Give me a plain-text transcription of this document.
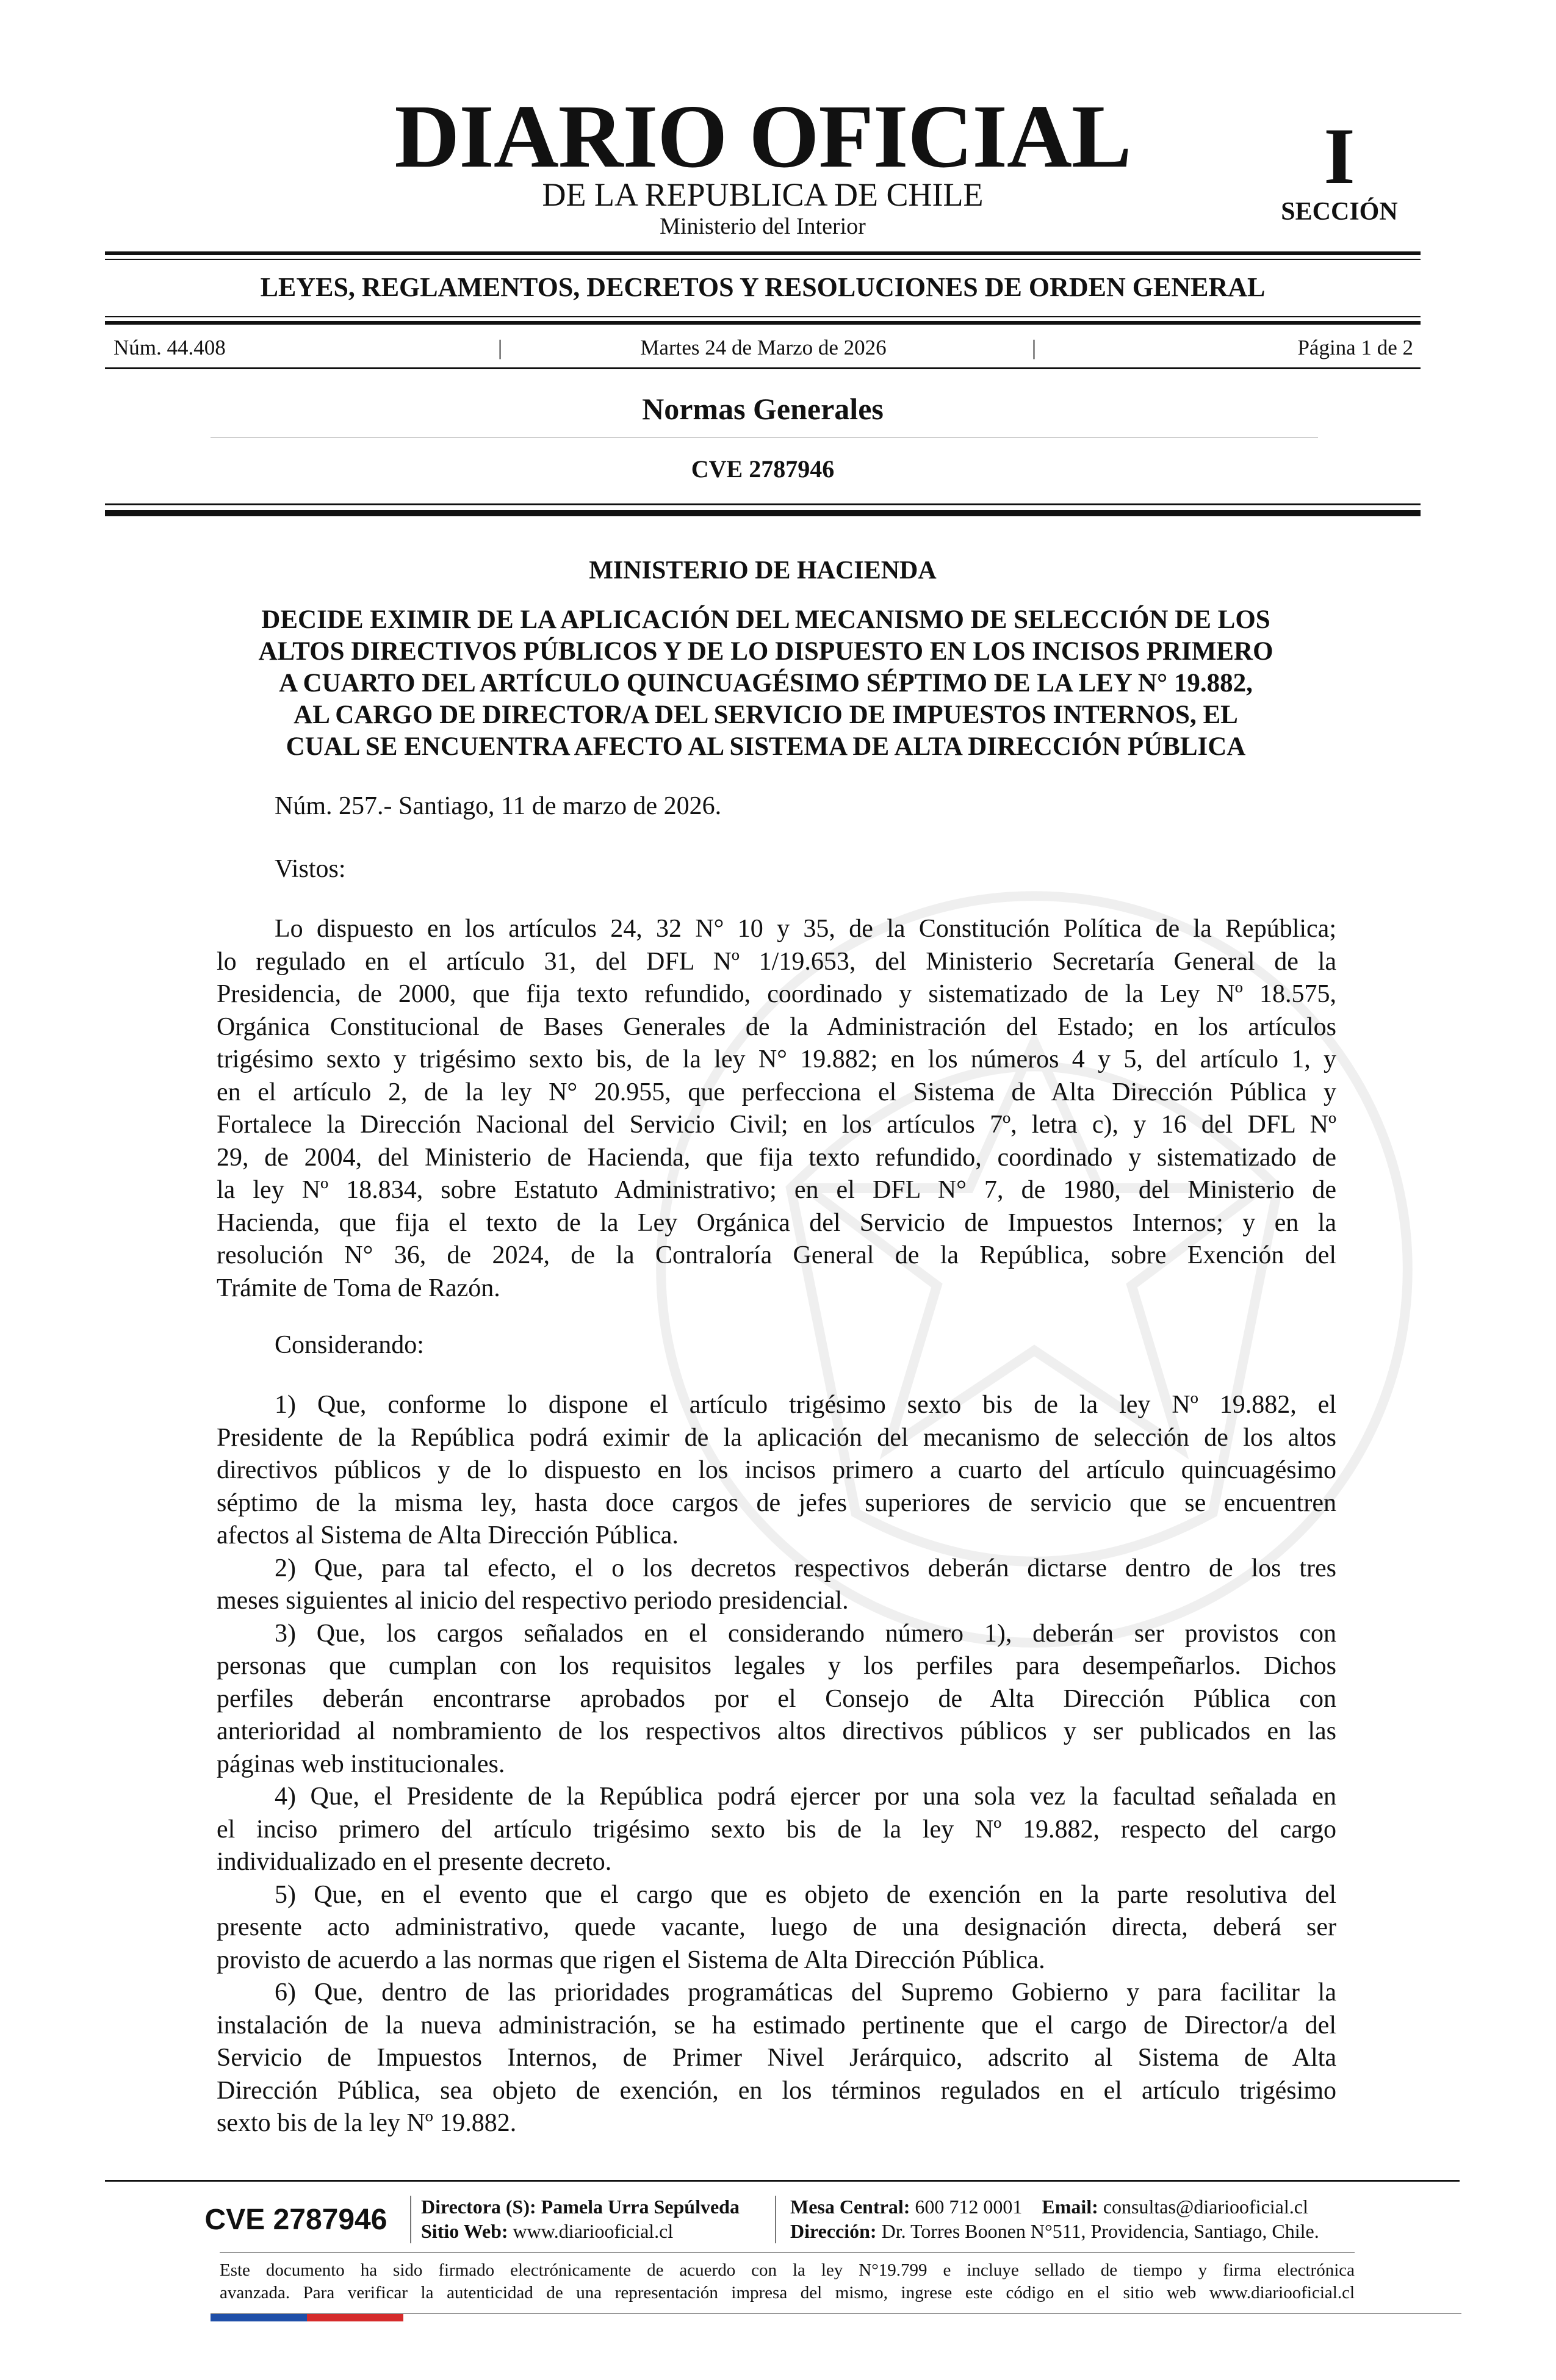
DIARIO OFICIAL
DE LA REPUBLICA DE CHILE
Ministerio del Interior
I
SECCIÓN
LEYES, REGLAMENTOS, DECRETOS Y RESOLUCIONES DE ORDEN GENERAL
Núm. 44.408	|	Martes 24 de Marzo de 2026	|	Página 1 de 2
Normas Generales
CVE 2787946
MINISTERIO DE HACIENDA
DECIDE EXIMIR DE LA APLICACIÓN DEL MECANISMO DE SELECCIÓN DE LOS
ALTOS DIRECTIVOS PÚBLICOS Y DE LO DISPUESTO EN LOS INCISOS PRIMERO
A CUARTO DEL ARTÍCULO QUINCUAGÉSIMO SÉPTIMO DE LA LEY N° 19.882,
AL CARGO DE DIRECTOR/A DEL SERVICIO DE IMPUESTOS INTERNOS, EL
CUAL SE ENCUENTRA AFECTO AL SISTEMA DE ALTA DIRECCIÓN PÚBLICA
Núm. 257.- Santiago, 11 de marzo de 2026.
Vistos:
Lo dispuesto en los artículos 24, 32 N° 10 y 35, de la Constitución Política de la República;
lo regulado en el artículo 31, del DFL Nº 1/19.653, del Ministerio Secretaría General de la
Presidencia, de 2000, que fija texto refundido, coordinado y sistematizado de la Ley Nº 18.575,
Orgánica Constitucional de Bases Generales de la Administración del Estado; en los artículos
trigésimo sexto y trigésimo sexto bis, de la ley N° 19.882; en los números 4 y 5, del artículo 1, y
en el artículo 2, de la ley N° 20.955, que perfecciona el Sistema de Alta Dirección Pública y
Fortalece la Dirección Nacional del Servicio Civil; en los artículos 7º, letra c), y 16 del DFL Nº
29, de 2004, del Ministerio de Hacienda, que fija texto refundido, coordinado y sistematizado de
la ley Nº 18.834, sobre Estatuto Administrativo; en el DFL N° 7, de 1980, del Ministerio de
Hacienda, que fija el texto de la Ley Orgánica del Servicio de Impuestos Internos; y en la
resolución N° 36, de 2024, de la Contraloría General de la República, sobre Exención del
Trámite de Toma de Razón.
Considerando:
1) Que, conforme lo dispone el artículo trigésimo sexto bis de la ley Nº 19.882, el
Presidente de la República podrá eximir de la aplicación del mecanismo de selección de los altos
directivos públicos y de lo dispuesto en los incisos primero a cuarto del artículo quincuagésimo
séptimo de la misma ley, hasta doce cargos de jefes superiores de servicio que se encuentren
afectos al Sistema de Alta Dirección Pública.
2) Que, para tal efecto, el o los decretos respectivos deberán dictarse dentro de los tres
meses siguientes al inicio del respectivo periodo presidencial.
3) Que, los cargos señalados en el considerando número 1), deberán ser provistos con
personas que cumplan con los requisitos legales y los perfiles para desempeñarlos. Dichos
perfiles deberán encontrarse aprobados por el Consejo de Alta Dirección Pública con
anterioridad al nombramiento de los respectivos altos directivos públicos y ser publicados en las
páginas web institucionales.
4) Que, el Presidente de la República podrá ejercer por una sola vez la facultad señalada en
el inciso primero del artículo trigésimo sexto bis de la ley Nº 19.882, respecto del cargo
individualizado en el presente decreto.
5) Que, en el evento que el cargo que es objeto de exención en la parte resolutiva del
presente acto administrativo, quede vacante, luego de una designación directa, deberá ser
provisto de acuerdo a las normas que rigen el Sistema de Alta Dirección Pública.
6) Que, dentro de las prioridades programáticas del Supremo Gobierno y para facilitar la
instalación de la nueva administración, se ha estimado pertinente que el cargo de Director/a del
Servicio de Impuestos Internos, de Primer Nivel Jerárquico, adscrito al Sistema de Alta
Dirección Pública, sea objeto de exención, en los términos regulados en el artículo trigésimo
sexto bis de la ley Nº 19.882.
CVE 2787946	Directora (S): Pamela Urra Sepúlveda
Sitio Web: www.diariooficial.cl
Mesa Central: 600 712 0001 Email: consultas@diariooficial.cl
Dirección: Dr. Torres Boonen N°511, Providencia, Santiago, Chile.
Este documento ha sido firmado electrónicamente de acuerdo con la ley N°19.799 e incluye sellado de tiempo y firma electrónica
avanzada. Para verificar la autenticidad de una representación impresa del mismo, ingrese este código en el sitio web www.diariooficial.cl
